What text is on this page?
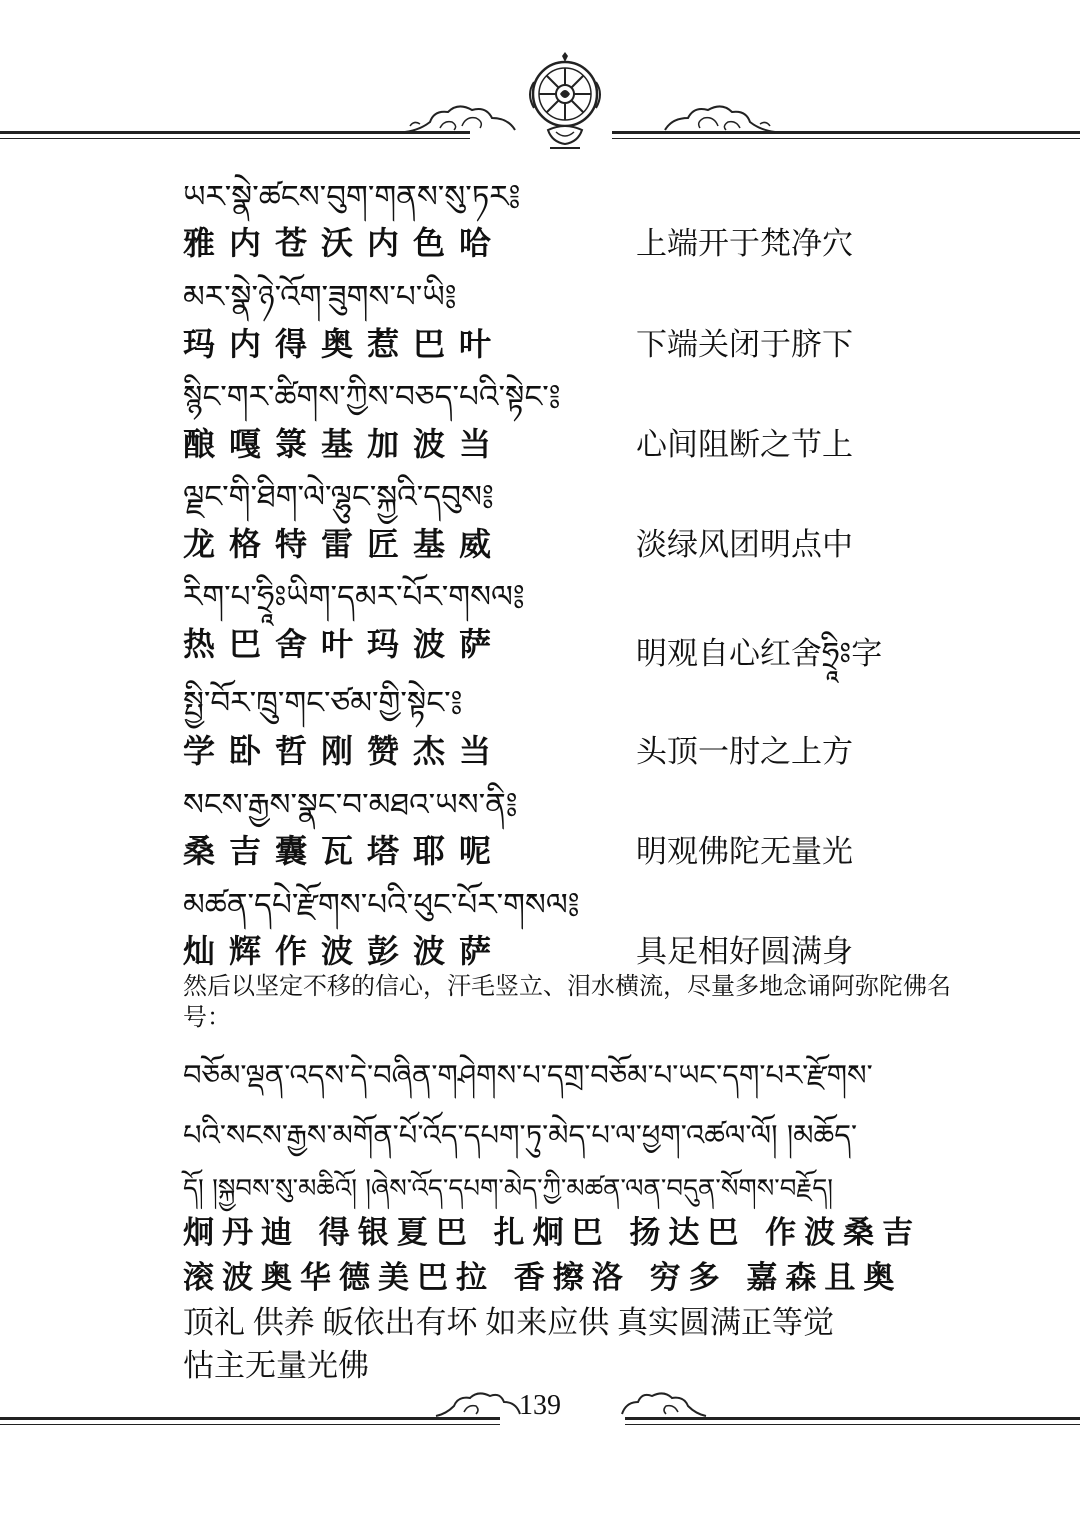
ཡར་སྣེ་ཚངས་བུག་གནས་སུ་ཏར༔
雅内苍沃内色哈	上端开于梵净穴
མར་སྣེ་ཉེ་འོག་ཟུགས་པ་ཡི༔
玛内得奥惹巴叶	下端关闭于脐下
སྙིང་གར་ཚིགས་ཀྱིས་བཅད་པའི་སྟེང་༔
酿嘎箓基加波当	心间阻断之节上
ལྗང་གི་ཐིག་ལེ་ལྷུང་སྐྱའི་དབུས༔
龙格特雷匠基威	淡绿风团明点中
རིག་པ་ཧྲཱིཿཡིག་དམར་པོར་གསལ༔
热巴舍叶玛波萨	明观自心红舍ཧྲཱིཿ字
སྤྱི་བོར་ཁྲུ་གང་ཙམ་གྱི་སྟེང་༔
学卧哲刚赞杰当	头顶一肘之上方
སངས་རྒྱས་སྣང་བ་མཐའ་ཡས་ནི༔
桑吉囊瓦塔耶呢	明观佛陀无量光
མཚན་དཔེ་རྫོགས་པའི་ཕུང་པོར་གསལ༔
灿辉作波彭波萨	具足相好圆满身
然后以坚定不移的信心，汗毛竖立、泪水横流，尽量多地念诵阿弥陀佛名号：
བཅོམ་ལྡན་འདས་དེ་བཞིན་གཤེགས་པ་དགྲ་བཅོམ་པ་ཡང་དག་པར་རྫོགས་
པའི་སངས་རྒྱས་མགོན་པོ་འོད་དཔག་ཏུ་མེད་པ་ལ་ཕྱག་འཚལ་ལོ། །མཆོད་
དོ། །སྐྱབས་སུ་མཆིའོ། །ཞེས་འོད་དཔག་མེད་ཀྱི་མཚན་ལན་བདུན་སོགས་བརྗོད།
炯丹迪 得银夏巴 扎炯巴 扬达巴 作波桑吉
滚波奥华德美巴拉 香擦洛 穷多 嘉森且奥
顶礼 供养 皈依出有坏 如来应供 真实圆满正等觉
怙主无量光佛
139
